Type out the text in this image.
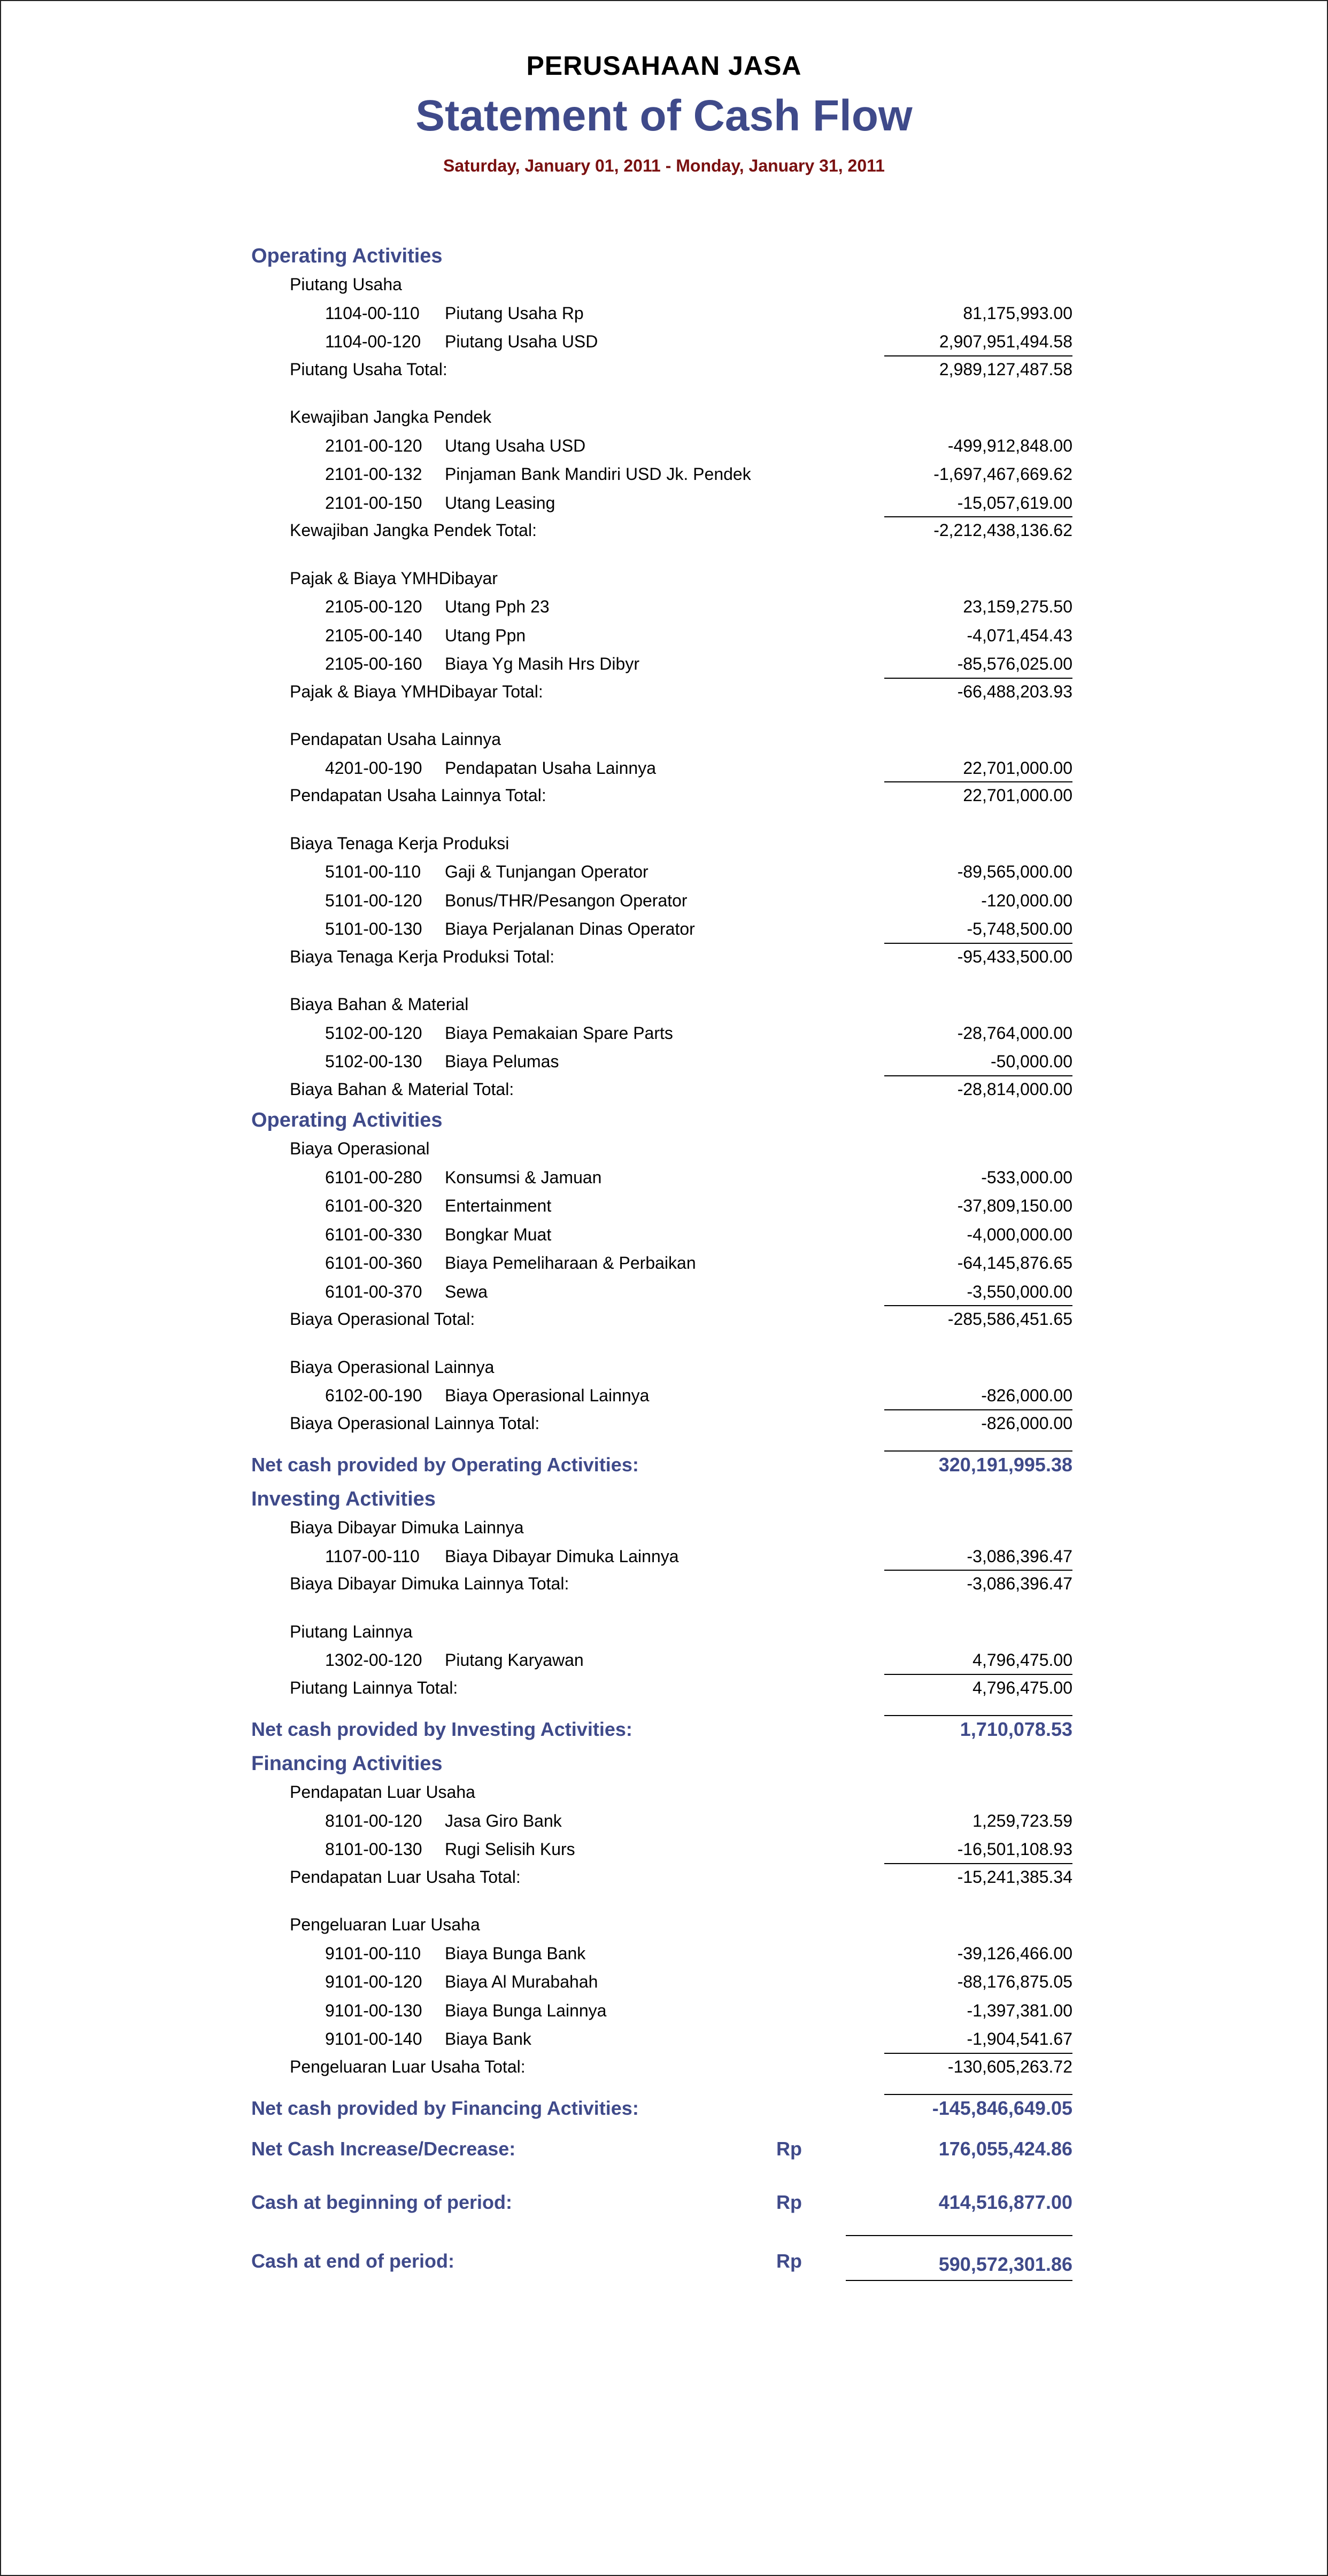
PERUSAHAAN JASA
Statement of Cash Flow
Saturday, January 01, 2011 - Monday, January 31, 2011
Operating Activities
Piutang Usaha
1104-00-110	Piutang Usaha Rp	81,175,993.00
1104-00-120	Piutang Usaha USD	2,907,951,494.58
Piutang Usaha Total:	2,989,127,487.58
Kewajiban Jangka Pendek
2101-00-120	Utang Usaha USD	-499,912,848.00
2101-00-132	Pinjaman Bank Mandiri USD Jk. Pendek	-1,697,467,669.62
2101-00-150	Utang Leasing	-15,057,619.00
Kewajiban Jangka Pendek Total:	-2,212,438,136.62
Pajak & Biaya YMHDibayar
2105-00-120	Utang Pph 23	23,159,275.50
2105-00-140	Utang Ppn	-4,071,454.43
2105-00-160	Biaya Yg Masih Hrs Dibyr	-85,576,025.00
Pajak & Biaya YMHDibayar Total:	-66,488,203.93
Pendapatan Usaha Lainnya
4201-00-190	Pendapatan Usaha Lainnya	22,701,000.00
Pendapatan Usaha Lainnya Total:	22,701,000.00
Biaya Tenaga Kerja Produksi
5101-00-110	Gaji & Tunjangan Operator	-89,565,000.00
5101-00-120	Bonus/THR/Pesangon Operator	-120,000.00
5101-00-130	Biaya Perjalanan Dinas Operator	-5,748,500.00
Biaya Tenaga Kerja Produksi Total:	-95,433,500.00
Biaya Bahan & Material
5102-00-120	Biaya Pemakaian Spare Parts	-28,764,000.00
5102-00-130	Biaya Pelumas	-50,000.00
Biaya Bahan & Material Total:	-28,814,000.00
Operating Activities
Biaya Operasional
6101-00-280	Konsumsi & Jamuan	-533,000.00
6101-00-320	Entertainment	-37,809,150.00
6101-00-330	Bongkar Muat	-4,000,000.00
6101-00-360	Biaya Pemeliharaan & Perbaikan	-64,145,876.65
6101-00-370	Sewa	-3,550,000.00
Biaya Operasional Total:	-285,586,451.65
Biaya Operasional Lainnya
6102-00-190	Biaya Operasional Lainnya	-826,000.00
Biaya Operasional Lainnya Total:	-826,000.00
Net cash provided by Operating Activities:	320,191,995.38
Investing Activities
Biaya Dibayar Dimuka Lainnya
1107-00-110	Biaya Dibayar Dimuka Lainnya	-3,086,396.47
Biaya Dibayar Dimuka Lainnya Total:	-3,086,396.47
Piutang Lainnya
1302-00-120	Piutang Karyawan	4,796,475.00
Piutang Lainnya Total:	4,796,475.00
Net cash provided by Investing Activities:	1,710,078.53
Financing Activities
Pendapatan Luar Usaha
8101-00-120	Jasa Giro Bank	1,259,723.59
8101-00-130	Rugi Selisih Kurs	-16,501,108.93
Pendapatan Luar Usaha Total:	-15,241,385.34
Pengeluaran Luar Usaha
9101-00-110	Biaya Bunga Bank	-39,126,466.00
9101-00-120	Biaya Al Murabahah	-88,176,875.05
9101-00-130	Biaya Bunga Lainnya	-1,397,381.00
9101-00-140	Biaya Bank	-1,904,541.67
Pengeluaran Luar Usaha Total:	-130,605,263.72
Net cash provided by Financing Activities:	-145,846,649.05
Net Cash Increase/Decrease:	Rp	176,055,424.86
Cash at beginning of period:	Rp	414,516,877.00
Cash at end of period:	Rp	590,572,301.86
